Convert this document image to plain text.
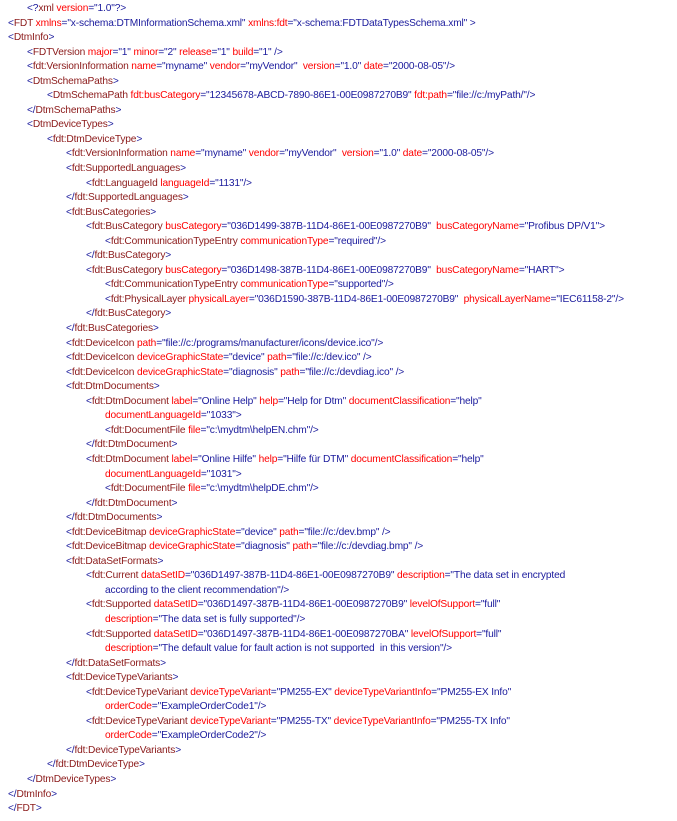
<?xml version="1.0"?>
<FDT xmlns="x-schema:DTMInformationSchema.xml" xmlns:fdt="x-schema:FDTDataTypesSchema.xml" >
<DtmInfo>
<FDTVersion major="1" minor="2" release="1" build="1" />
<fdt:VersionInformation name="myname" vendor="myVendor"  version="1.0" date="2000-08-05"/>
<DtmSchemaPaths>
<DtmSchemaPath fdt:busCategory="12345678-ABCD-7890-86E1-00E0987270B9" fdt:path="file://c:/myPath/"/>
</DtmSchemaPaths>
<DtmDeviceTypes>
<fdt:DtmDeviceType>
<fdt:VersionInformation name="myname" vendor="myVendor"  version="1.0" date="2000-08-05"/>
<fdt:SupportedLanguages>
<fdt:LanguageId languageId="1131"/>
</fdt:SupportedLanguages>
<fdt:BusCategories>
<fdt:BusCategory busCategory="036D1499-387B-11D4-86E1-00E0987270B9"  busCategoryName="Profibus DP/V1">
<fdt:CommunicationTypeEntry communicationType="required"/>
</fdt:BusCategory>
<fdt:BusCategory busCategory="036D1498-387B-11D4-86E1-00E0987270B9"  busCategoryName="HART">
<fdt:CommunicationTypeEntry communicationType="supported"/>
<fdt:PhysicalLayer physicalLayer="036D1590-387B-11D4-86E1-00E0987270B9"  physicalLayerName="IEC61158-2"/>
</fdt:BusCategory>
</fdt:BusCategories>
<fdt:DeviceIcon path="file://c:/programs/manufacturer/icons/device.ico"/>
<fdt:DeviceIcon deviceGraphicState="device" path="file://c:/dev.ico" />
<fdt:DeviceIcon deviceGraphicState="diagnosis" path="file://c:/devdiag.ico" />
<fdt:DtmDocuments>
<fdt:DtmDocument label="Online Help" help="Help for Dtm" documentClassification="help"
documentLanguageId="1033">
<fdt:DocumentFile file="c:\mydtm\helpEN.chm"/>
</fdt:DtmDocument>
<fdt:DtmDocument label="Online Hilfe" help="Hilfe für DTM" documentClassification="help"
documentLanguageId="1031">
<fdt:DocumentFile file="c:\mydtm\helpDE.chm"/>
</fdt:DtmDocument>
</fdt:DtmDocuments>
<fdt:DeviceBitmap deviceGraphicState="device" path="file://c:/dev.bmp" />
<fdt:DeviceBitmap deviceGraphicState="diagnosis" path="file://c:/devdiag.bmp" />
<fdt:DataSetFormats>
<fdt:Current dataSetID="036D1497-387B-11D4-86E1-00E0987270B9" description="The data set in encrypted
according to the client recommendation"/>
<fdt:Supported dataSetID="036D1497-387B-11D4-86E1-00E0987270B9" levelOfSupport="full"
description="The data set is fully supported"/>
<fdt:Supported dataSetID="036D1497-387B-11D4-86E1-00E0987270BA" levelOfSupport="full"
description="The default value for fault action is not supported  in this version"/>
</fdt:DataSetFormats>
<fdt:DeviceTypeVariants>
<fdt:DeviceTypeVariant deviceTypeVariant="PM255-EX" deviceTypeVariantInfo="PM255-EX Info"
orderCode="ExampleOrderCode1"/>
<fdt:DeviceTypeVariant deviceTypeVariant="PM255-TX" deviceTypeVariantInfo="PM255-TX Info"
orderCode="ExampleOrderCode2"/>
</fdt:DeviceTypeVariants>
</fdt:DtmDeviceType>
</DtmDeviceTypes>
</DtmInfo>
</FDT>
